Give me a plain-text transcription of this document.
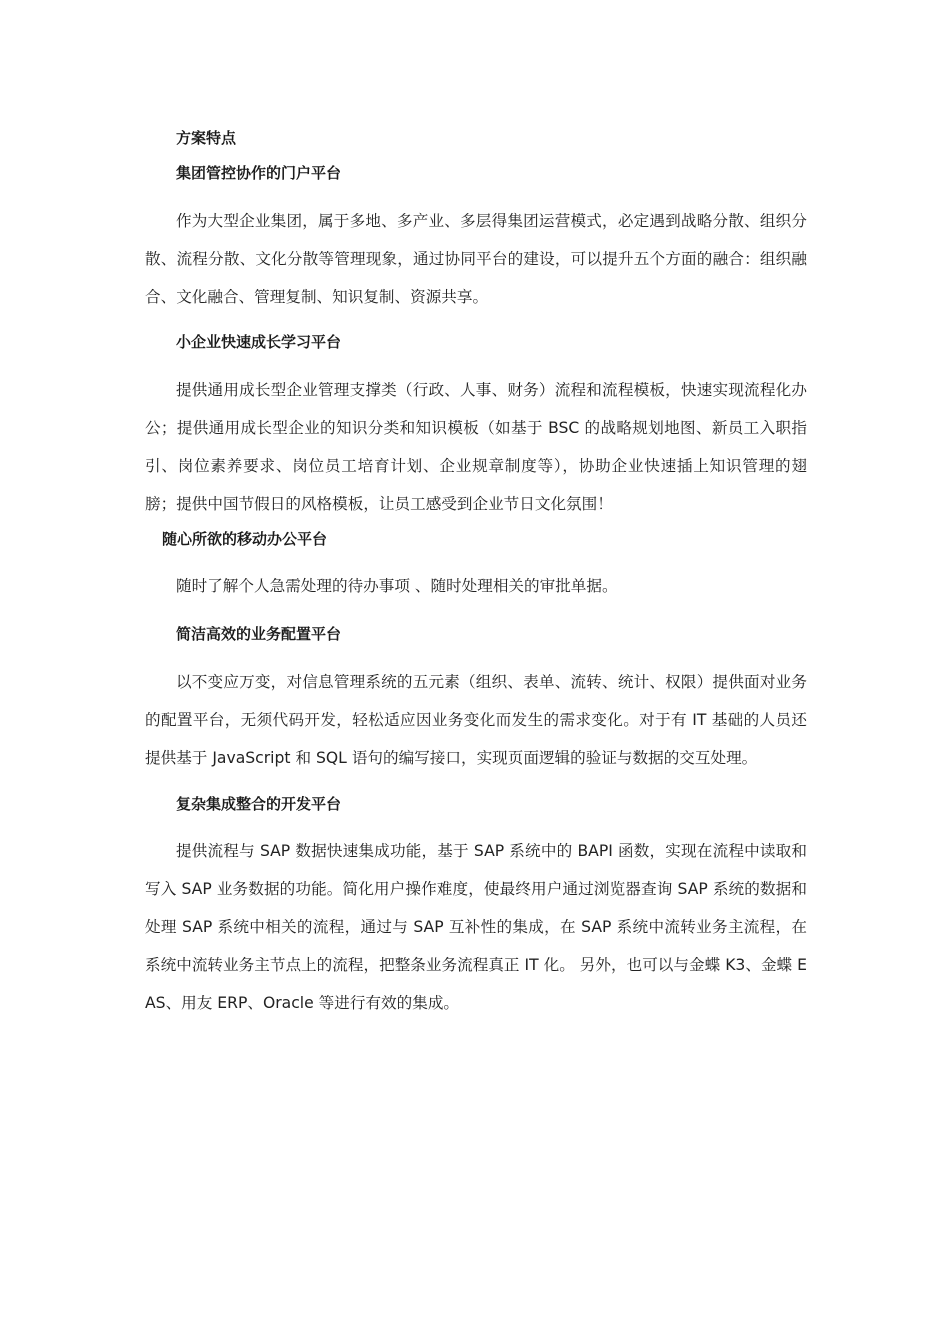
方案特点
集团管控协作的门户平台
作为大型企业集团，属于多地、多产业、多层得集团运营模式，必定遇到战略分散、组织分散、流程分散、文化分散等管理现象，通过协同平台的建设，可以提升五个方面的融合：组织融合、文化融合、管理复制、知识复制、资源共享。
小企业快速成长学习平台
提供通用成长型企业管理支撑类（行政、人事、财务）流程和流程模板，快速实现流程化办公；提供通用成长型企业的知识分类和知识模板（如基于 BSC 的战略规划地图、新员工入职指引、岗位素养要求、岗位员工培育计划、企业规章制度等），协助企业快速插上知识管理的翅膀；提供中国节假日的风格模板，让员工感受到企业节日文化氛围！
随心所欲的移动办公平台
随时了解个人急需处理的待办事项 、随时处理相关的审批单据。
简洁高效的业务配置平台
以不变应万变，对信息管理系统的五元素（组织、表单、流转、统计、权限）提供面对业务的配置平台，无须代码开发，轻松适应因业务变化而发生的需求变化。对于有 IT 基础的人员还提供基于 JavaScript 和 SQL 语句的编写接口，实现页面逻辑的验证与数据的交互处理。
复杂集成整合的开发平台
提供流程与 SAP 数据快速集成功能，基于 SAP 系统中的 BAPI 函数，实现在流程中读取和写入 SAP 业务数据的功能。简化用户操作难度，使最终用户通过浏览器查询 SAP 系统的数据和处理 SAP 系统中相关的流程，通过与 SAP 互补性的集成，在 SAP 系统中流转业务主流程，在系统中流转业务主节点上的流程，把整条业务流程真正 IT 化。 另外，也可以与金蝶 K3、金蝶 EAS、用友 ERP、Oracle 等进行有效的集成。
